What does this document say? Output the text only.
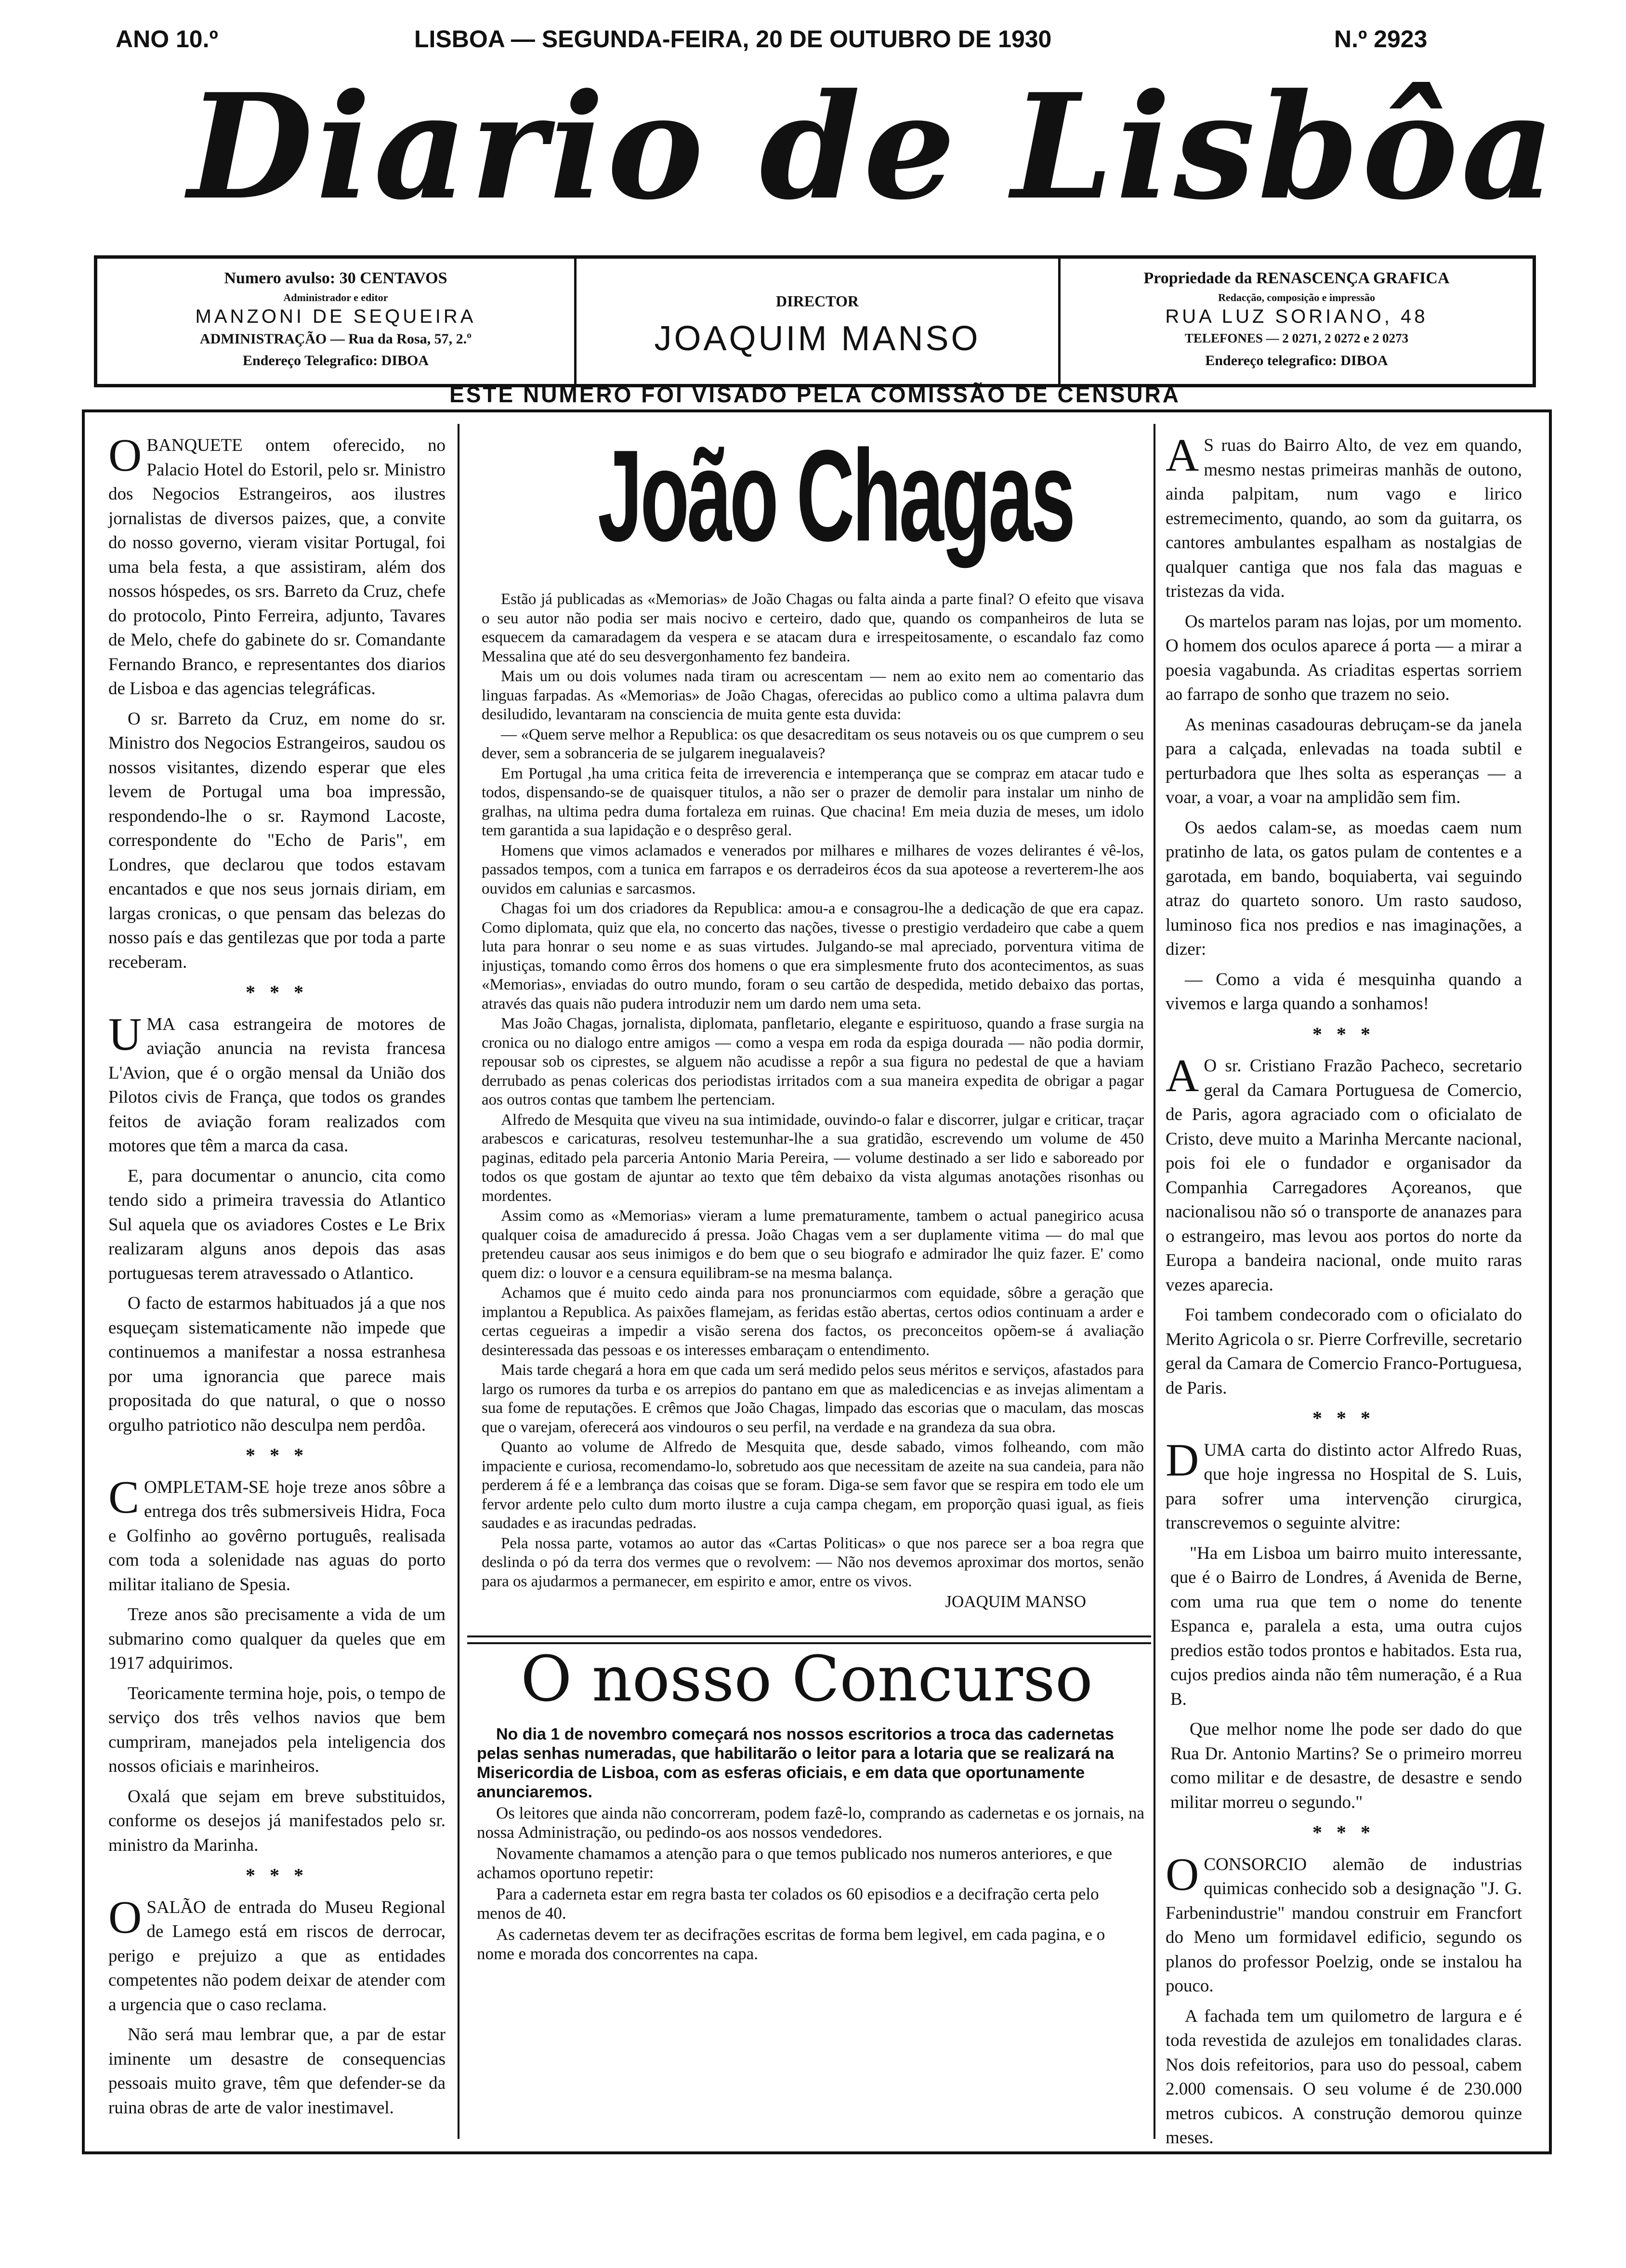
ANO 10.º	LISBOA — SEGUNDA-FEIRA, 20 DE OUTUBRO DE 1930	N.º 2923
Diario de Lisbôa
Numero avulso: 30 CENTAVOS
Administrador e editor
MANZONI DE SEQUEIRA
ADMINISTRAÇÃO — Rua da Rosa, 57, 2.º
Endereço Telegrafico: DIBOA
DIRECTOR
JOAQUIM MANSO
Propriedade da RENASCENÇA GRAFICA
Redacção, composição e impressão
RUA LUZ SORIANO, 48
TELEFONES — 2 0271, 2 0272 e 2 0273
Endereço telegrafico: DIBOA
ESTE NUMERO FOI VISADO PELA COMISSÃO DE CENSURA

OBANQUETE ontem oferecido, no Palacio Hotel do Estoril, pelo sr. Ministro dos Negocios Estrangeiros, aos ilustres jornalistas de diversos paizes, que, a convite do nosso governo, vieram visitar Portugal, foi uma bela festa, a que assistiram, além dos nossos hóspedes, os srs. Barreto da Cruz, chefe do protocolo, Pinto Ferreira, adjunto, Tavares de Melo, chefe do gabinete do sr. Comandante Fernando Branco, e representantes dos diarios de Lisboa e das agencias telegráficas.

O sr. Barreto da Cruz, em nome do sr. Ministro dos Negocios Estrangeiros, saudou os nossos visitantes, dizendo esperar que eles levem de Portugal uma boa impressão, respondendo-lhe o sr. Raymond Lacoste, correspondente do "Echo de Paris", em Londres, que declarou que todos estavam encantados e que nos seus jornais diriam, em largas cronicas, o que pensam das belezas do nosso país e das gentilezas que por toda a parte receberam.

* * *

UMA casa estrangeira de motores de aviação anuncia na revista francesa L'Avion, que é o orgão mensal da União dos Pilotos civis de França, que todos os grandes feitos de aviação foram realizados com motores que têm a marca da casa.

E, para documentar o anuncio, cita como tendo sido a primeira travessia do Atlantico Sul aquela que os aviadores Costes e Le Brix realizaram alguns anos depois das asas portuguesas terem atravessado o Atlantico.

O facto de estarmos habituados já a que nos esqueçam sistematicamente não impede que continuemos a manifestar a nossa estranhesa por uma ignorancia que parece mais propositada do que natural, o que o nosso orgulho patriotico não desculpa nem perdôa.

* * *

COMPLETAM-SE hoje treze anos sôbre a entrega dos três submersiveis Hidra, Foca e Golfinho ao govêrno português, realisada com toda a solenidade nas aguas do porto militar italiano de Spesia.

Treze anos são precisamente a vida de um submarino como qualquer da queles que em 1917 adquirimos.

Teoricamente termina hoje, pois, o tempo de serviço dos três velhos navios que bem cumpriram, manejados pela inteligencia dos nossos oficiais e marinheiros.

Oxalá que sejam em breve substituidos, conforme os desejos já manifestados pelo sr. ministro da Marinha.

* * *

OSALÃO de entrada do Museu Regional de Lamego está em riscos de derrocar, perigo e prejuizo a que as entidades competentes não podem deixar de atender com a urgencia que o caso reclama.

Não será mau lembrar que, a par de estar iminente um desastre de consequencias pessoais muito grave, têm que defender-se da ruina obras de arte de valor inestimavel.

João Chagas

Estão já publicadas as «Memorias» de João Chagas ou falta ainda a parte final? O efeito que visava o seu autor não podia ser mais nocivo e certeiro, dado que, quando os companheiros de luta se esquecem da camaradagem da vespera e se atacam dura e irrespeitosamente, o escandalo faz como Messalina que até do seu desvergonhamento fez bandeira.

Mais um ou dois volumes nada tiram ou acrescentam — nem ao exito nem ao comentario das linguas farpadas. As «Memorias» de João Chagas, oferecidas ao publico como a ultima palavra dum desiludido, levantaram na consciencia de muita gente esta duvida:

— «Quem serve melhor a Republica: os que desacreditam os seus notaveis ou os que cumprem o seu dever, sem a sobranceria de se julgarem inegualaveis?

Em Portugal ,ha uma critica feita de irreverencia e intemperança que se compraz em atacar tudo e todos, dispensando-se de quaisquer titulos, a não ser o prazer de demolir para instalar um ninho de gralhas, na ultima pedra duma fortaleza em ruinas. Que chacina! Em meia duzia de meses, um idolo tem garantida a sua lapidação e o desprêso geral.

Homens que vimos aclamados e venerados por milhares e milhares de vozes delirantes é vê-los, passados tempos, com a tunica em farrapos e os derradeiros écos da sua apoteose a reverterem-lhe aos ouvidos em calunias e sarcasmos.

Chagas foi um dos criadores da Republica: amou-a e consagrou-lhe a dedicação de que era capaz. Como diplomata, quiz que ela, no concerto das nações, tivesse o prestigio verdadeiro que cabe a quem luta para honrar o seu nome e as suas virtudes. Julgando-se mal apreciado, porventura vitima de injustiças, tomando como êrros dos homens o que era simplesmente fruto dos acontecimentos, as suas «Memorias», enviadas do outro mundo, foram o seu cartão de despedida, metido debaixo das portas, através das quais não pudera introduzir nem um dardo nem uma seta.

Mas João Chagas, jornalista, diplomata, panfletario, elegante e espirituoso, quando a frase surgia na cronica ou no dialogo entre amigos — como a vespa em roda da espiga dourada — não podia dormir, repousar sob os ciprestes, se alguem não acudisse a repôr a sua figura no pedestal de que a haviam derrubado as penas colericas dos periodistas irritados com a sua maneira expedita de obrigar a pagar aos outros contas que tambem lhe pertenciam.

Alfredo de Mesquita que viveu na sua intimidade, ouvindo-o falar e discorrer, julgar e criticar, traçar arabescos e caricaturas, resolveu testemunhar-lhe a sua gratidão, escrevendo um volume de 450 paginas, editado pela parceria Antonio Maria Pereira, — volume destinado a ser lido e saboreado por todos os que gostam de ajuntar ao texto que têm debaixo da vista algumas anotações risonhas ou mordentes.

Assim como as «Memorias» vieram a lume prematuramente, tambem o actual panegirico acusa qualquer coisa de amadurecido á pressa. João Chagas vem a ser duplamente vitima — do mal que pretendeu causar aos seus inimigos e do bem que o seu biografo e admirador lhe quiz fazer. E' como quem diz: o louvor e a censura equilibram-se na mesma balança.

Achamos que é muito cedo ainda para nos pronunciarmos com equidade, sôbre a geração que implantou a Republica. As paixões flamejam, as feridas estão abertas, certos odios continuam a arder e certas cegueiras a impedir a visão serena dos factos, os preconceitos opõem-se á avaliação desinteressada das pessoas e os interesses embaraçam o entendimento.

Mais tarde chegará a hora em que cada um será medido pelos seus méritos e serviços, afastados para largo os rumores da turba e os arrepios do pantano em que as maledicencias e as invejas alimentam a sua fome de reputações. E crêmos que João Chagas, limpado das escorias que o maculam, das moscas que o varejam, oferecerá aos vindouros o seu perfil, na verdade e na grandeza da sua obra.

Quanto ao volume de Alfredo de Mesquita que, desde sabado, vimos folheando, com mão impaciente e curiosa, recomendamo-lo, sobretudo aos que necessitam de azeite na sua candeia, para não perderem á fé e a lembrança das coisas que se foram. Diga-se sem favor que se respira em todo ele um fervor ardente pelo culto dum morto ilustre a cuja campa chegam, em proporção quasi igual, as fieis saudades e as iracundas pedradas.

Pela nossa parte, votamos ao autor das «Cartas Politicas» o que nos parece ser a boa regra que deslinda o pó da terra dos vermes que o revolvem: — Não nos devemos aproximar dos mortos, senão para os ajudarmos a permanecer, em espirito e amor, entre os vivos.

JOAQUIM MANSO

O nosso Concurso

No dia 1 de novembro começará nos nossos escritorios a troca das cadernetas pelas senhas numeradas, que habilitarão o leitor para a lotaria que se realizará na Misericordia de Lisboa, com as esferas oficiais, e em data que oportunamente anunciaremos.

Os leitores que ainda não concorreram, podem fazê-lo, comprando as cadernetas e os jornais, na nossa Administração, ou pedindo-os aos nossos vendedores.

Novamente chamamos a atenção para o que temos publicado nos numeros anteriores, e que achamos oportuno repetir:

Para a caderneta estar em regra basta ter colados os 60 episodios e a decifração certa pelo menos de 40.

As cadernetas devem ter as decifrações escritas de forma bem legivel, em cada pagina, e o nome e morada dos concorrentes na capa.

A S ruas do Bairro Alto, de vez em quando, mesmo nestas primeiras manhãs de outono, ainda palpitam, num vago e lirico estremecimento, quando, ao som da guitarra, os cantores ambulantes espalham as nostalgias de qualquer cantiga que nos fala das maguas e tristezas da vida.

Os martelos param nas lojas, por um momento. O homem dos oculos aparece á porta — a mirar a poesia vagabunda. As criaditas espertas sorriem ao farrapo de sonho que trazem no seio.

As meninas casadouras debruçam-se da janela para a calçada, enlevadas na toada subtil e perturbadora que lhes solta as esperanças — a voar, a voar, a voar na amplidão sem fim.

Os aedos calam-se, as moedas caem num pratinho de lata, os gatos pulam de contentes e a garotada, em bando, boquiaberta, vai seguindo atraz do quarteto sonoro. Um rasto saudoso, luminoso fica nos predios e nas imaginações, a dizer:

— Como a vida é mesquinha quando a vivemos e larga quando a sonhamos!

* * *

A O sr. Cristiano Frazão Pacheco, secretario geral da Camara Portuguesa de Comercio, de Paris, agora agraciado com o oficialato de Cristo, deve muito a Marinha Mercante nacional, pois foi ele o fundador e organisador da Companhia Carregadores Açoreanos, que nacionalisou não só o transporte de ananazes para o estrangeiro, mas levou aos portos do norte da Europa a bandeira nacional, onde muito raras vezes aparecia.

Foi tambem condecorado com o oficialato do Merito Agricola o sr. Pierre Corfreville, secretario geral da Camara de Comercio Franco-Portuguesa, de Paris.

* * *

DUMA carta do distinto actor Alfredo Ruas, que hoje ingressa no Hospital de S. Luis, para sofrer uma intervenção cirurgica, transcrevemos o seguinte alvitre:

"Ha em Lisboa um bairro muito interessante, que é o Bairro de Londres, á Avenida de Berne, com uma rua que tem o nome do tenente Espanca e, paralela a esta, uma outra cujos predios estão todos prontos e habitados. Esta rua, cujos predios ainda não têm numeração, é a Rua B.

Que melhor nome lhe pode ser dado do que Rua Dr. Antonio Martins? Se o primeiro morreu como militar e de desastre, de desastre e sendo militar morreu o segundo."

* * *

OCONSORCIO alemão de industrias quimicas conhecido sob a designação "J. G. Farbenindustrie" mandou construir em Francfort do Meno um formidavel edificio, segundo os planos do professor Poelzig, onde se instalou ha pouco.

A fachada tem um quilometro de largura e é toda revestida de azulejos em tonalidades claras. Nos dois refeitorios, para uso do pessoal, cabem 2.000 comensais. O seu volume é de 230.000 metros cubicos. A construção demorou quinze meses.
